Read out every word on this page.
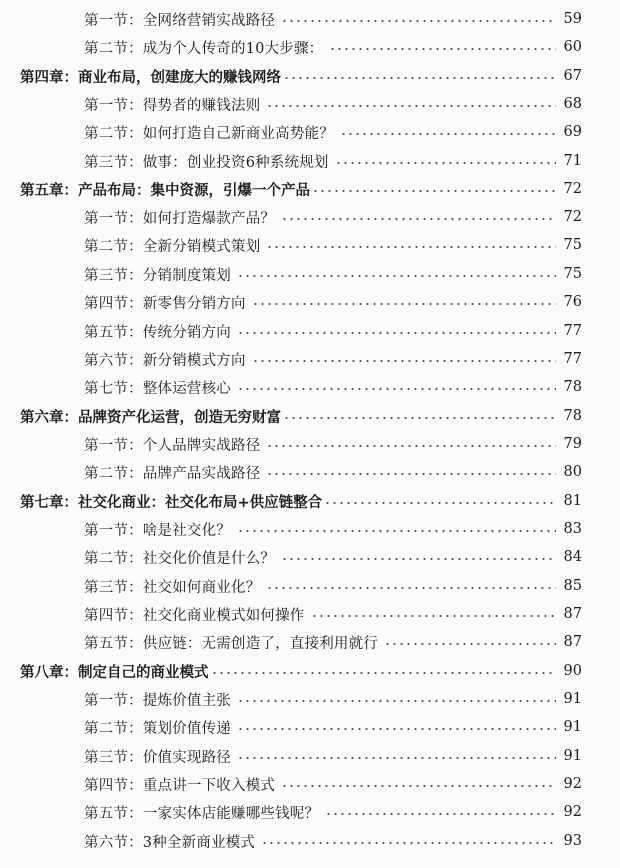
第一节：全网络营销实战路径	59
第二节：成为个人传奇的10大步骤：	60
第四章：商业布局，创建庞大的赚钱网络	67
第一节：得势者的赚钱法则	68
第二节：如何打造自己新商业高势能？	69
第三节：做事：创业投资6种系统规划	71
第五章：产品布局：集中资源，引爆一个产品	72
第一节：如何打造爆款产品？	72
第二节：全新分销模式策划	75
第三节：分销制度策划	75
第四节：新零售分销方向	76
第五节：传统分销方向	77
第六节：新分销模式方向	77
第七节：整体运营核心	78
第六章：品牌资产化运营，创造无穷财富	78
第一节：个人品牌实战路径	79
第二节：品牌产品实战路径	80
第七章：社交化商业：社交化布局+供应链整合	81
第一节：啥是社交化？	83
第二节：社交化价值是什么？	84
第三节：社交如何商业化？	85
第四节：社交化商业模式如何操作	87
第五节：供应链：无需创造了，直接利用就行	87
第八章：制定自己的商业模式	90
第一节：提炼价值主张	91
第二节：策划价值传递	91
第三节：价值实现路径	91
第四节：重点讲一下收入模式	92
第五节：一家实体店能赚哪些钱呢？	92
第六节：3种全新商业模式	93
